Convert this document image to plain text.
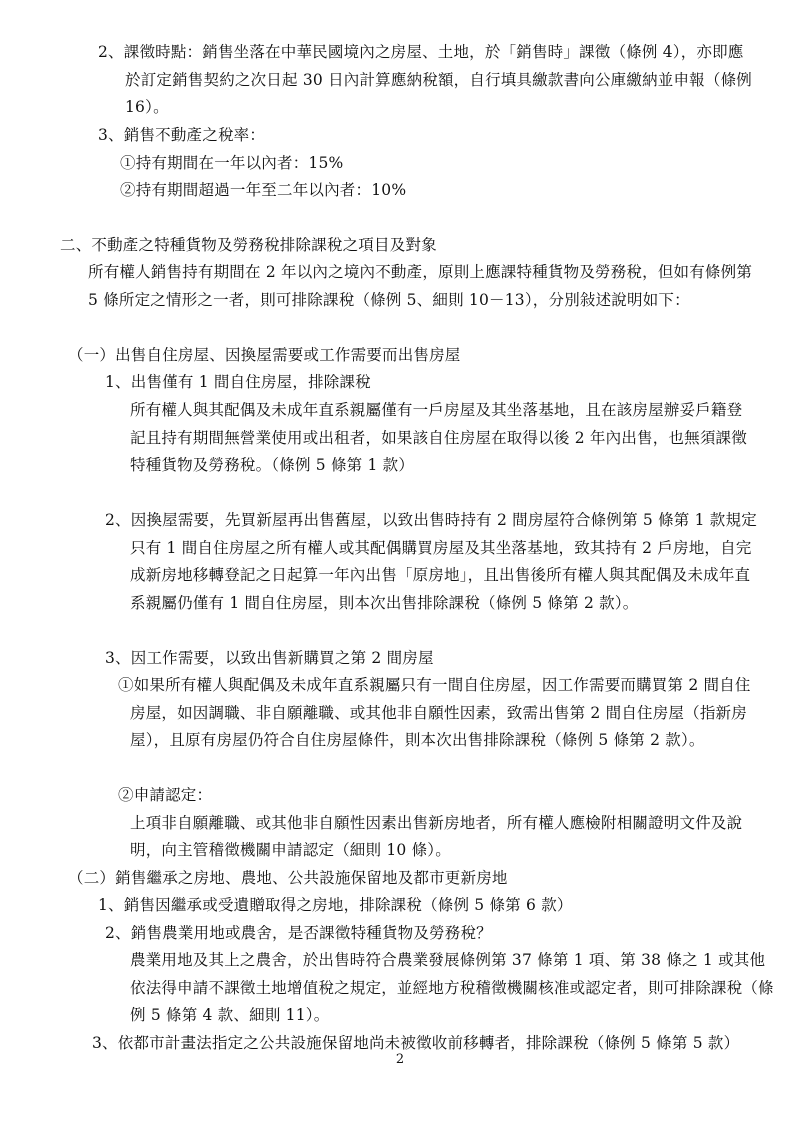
2、課徵時點：銷售坐落在中華民國境內之房屋、土地，於「銷售時」課徵（條例 4），亦即應
於訂定銷售契約之次日起 30 日內計算應納稅額，自行填具繳款書向公庫繳納並申報（條例
16）。
3、銷售不動產之稅率：
①持有期間在一年以內者：15%
②持有期間超過一年至二年以內者：10%
二、不動產之特種貨物及勞務稅排除課稅之項目及對象
所有權人銷售持有期間在 2 年以內之境內不動產，原則上應課特種貨物及勞務稅，但如有條例第
5 條所定之情形之一者，則可排除課稅（條例 5、細則 10－13），分別敍述說明如下：
（一）出售自住房屋、因換屋需要或工作需要而出售房屋
1、出售僅有 1 間自住房屋，排除課稅
所有權人與其配偶及未成年直系親屬僅有一戶房屋及其坐落基地，且在該房屋辦妥戶籍登
記且持有期間無營業使用或出租者，如果該自住房屋在取得以後 2 年內出售，也無須課徵
特種貨物及勞務稅。（條例 5 條第 1 款）
2、因換屋需要，先買新屋再出售舊屋，以致出售時持有 2 間房屋符合條例第 5 條第 1 款規定
只有 1 間自住房屋之所有權人或其配偶購買房屋及其坐落基地，致其持有 2 戶房地，自完
成新房地移轉登記之日起算一年內出售「原房地」，且出售後所有權人與其配偶及未成年直
系親屬仍僅有 1 間自住房屋，則本次出售排除課稅（條例 5 條第 2 款）。
3、因工作需要，以致出售新購買之第 2 間房屋
①如果所有權人與配偶及未成年直系親屬只有一間自住房屋，因工作需要而購買第 2 間自住
房屋，如因調職、非自願離職、或其他非自願性因素，致需出售第 2 間自住房屋（指新房
屋），且原有房屋仍符合自住房屋條件，則本次出售排除課稅（條例 5 條第 2 款）。
②申請認定：
上項非自願離職、或其他非自願性因素出售新房地者，所有權人應檢附相關證明文件及說
明，向主管稽徵機關申請認定（細則 10 條）。
（二）銷售繼承之房地、農地、公共設施保留地及都市更新房地
1、銷售因繼承或受遺贈取得之房地，排除課稅（條例 5 條第 6 款）
2、銷售農業用地或農舍，是否課徵特種貨物及勞務稅？
農業用地及其上之農舍，於出售時符合農業發展條例第 37 條第 1 項、第 38 條之 1 或其他
依法得申請不課徵土地增值稅之規定，並經地方稅稽徵機關核准或認定者，則可排除課稅（條
例 5 條第 4 款、細則 11）。
3、依都市計畫法指定之公共設施保留地尚未被徵收前移轉者，排除課稅（條例 5 條第 5 款）
2
